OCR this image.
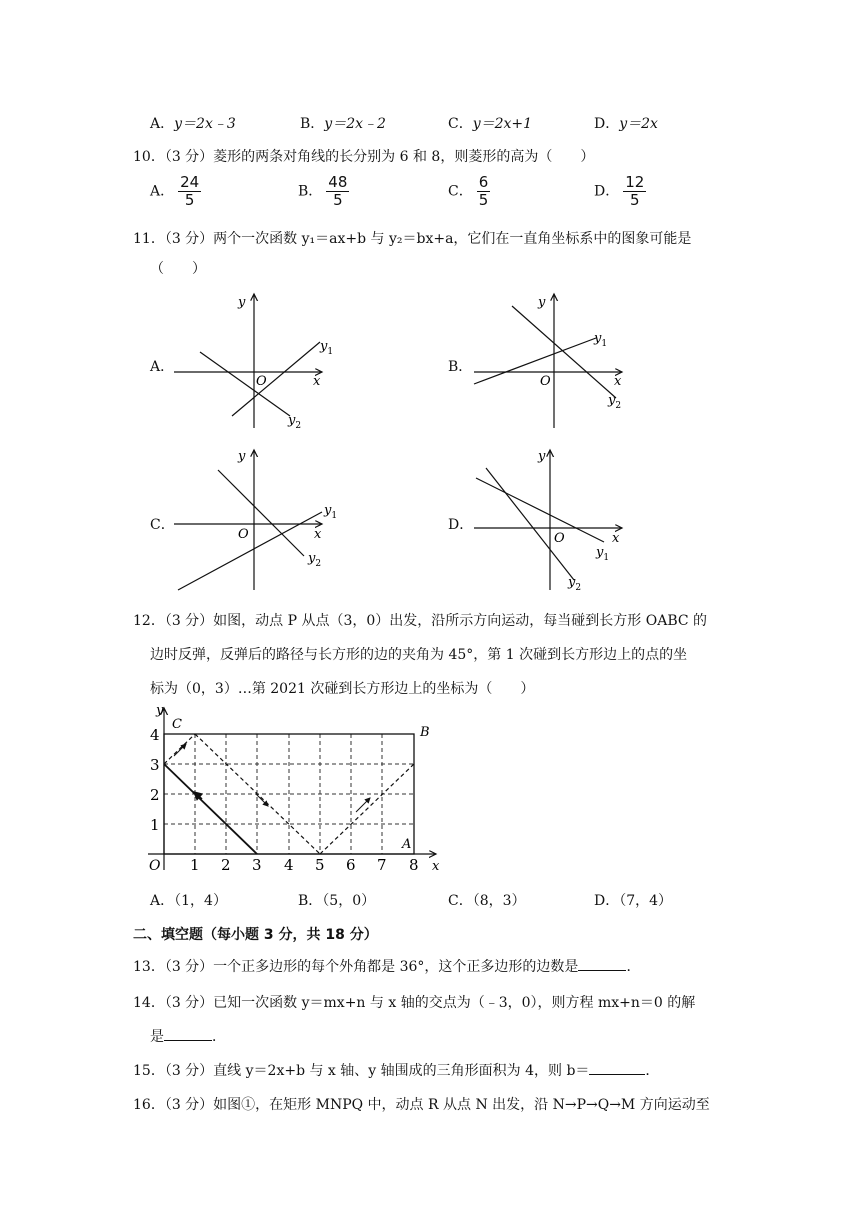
A．y＝2x﹣3	B．y＝2x﹣2	C．y＝2x+1	D．y＝2x
10．（3 分）菱形的两条对角线的长分别为 6 和 8，则菱形的高为（　　）
A． $\frac{24}{5}$	B． $\frac{48}{5}$	C． $\frac{6}{5}$	D． $\frac{12}{5}$
11．（3 分）两个一次函数 y₁＝ax+b 与 y₂＝bx+a，它们在一直角坐标系中的图象可能是
（　　）
A．	B．
C．	D．
y
x
O
$y_1$
$y_2$
y
x
O
$y_1$
$y_2$
y
x
O
$y_1$
$y_2$
y
x
O
$y_1$
$y_2$
12．（3 分）如图，动点 P 从点（3，0）出发，沿所示方向运动，每当碰到长方形 OABC 的
边时反弹，反弹后的路径与长方形的边的夹角为 45°，第 1 次碰到长方形边上的点的坐
标为（0，3）…第 2021 次碰到长方形边上的坐标为（　　）
1 2 3 4 5 6 7 8
1
2
3
4
O	x
y
C
B
A
A．（1，4）	B．（5，0）	C．（8，3）	D．（7，4）
二、填空题（每小题 3 分，共 18 分）
13．（3 分）一个正多边形的每个外角都是 36°，这个正多边形的边数是	．
14．（3 分）已知一次函数 y＝mx+n 与 x 轴的交点为（﹣3，0），则方程 mx+n＝0 的解
是	．
15．（3 分）直线 y＝2x+b 与 x 轴、y 轴围成的三角形面积为 4，则 b＝	．
16．（3 分）如图①，在矩形 MNPQ 中，动点 R 从点 N 出发，沿 N→P→Q→M 方向运动至
